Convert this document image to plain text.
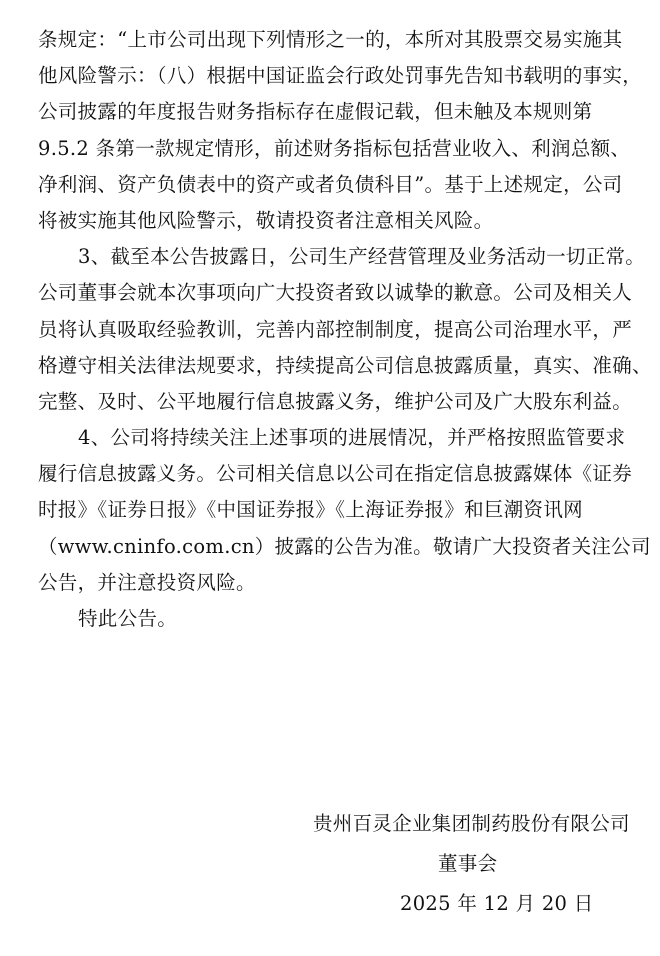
条规定：“上市公司出现下列情形之一的，本所对其股票交易实施其
他风险警示：（八）根据中国证监会行政处罚事先告知书载明的事实，
公司披露的年度报告财务指标存在虚假记载，但未触及本规则第
9.5.2 条第一款规定情形，前述财务指标包括营业收入、利润总额、
净利润、资产负债表中的资产或者负债科目”。基于上述规定，公司
将被实施其他风险警示，敬请投资者注意相关风险。
3、截至本公告披露日，公司生产经营管理及业务活动一切正常。
公司董事会就本次事项向广大投资者致以诚挚的歉意。公司及相关人
员将认真吸取经验教训，完善内部控制制度，提高公司治理水平，严
格遵守相关法律法规要求，持续提高公司信息披露质量，真实、准确、
完整、及时、公平地履行信息披露义务，维护公司及广大股东利益。
4、公司将持续关注上述事项的进展情况，并严格按照监管要求
履行信息披露义务。公司相关信息以公司在指定信息披露媒体《证券
时报》《证券日报》《中国证券报》《上海证券报》和巨潮资讯网
（www.cninfo.com.cn）披露的公告为准。敬请广大投资者关注公司
公告，并注意投资风险。
特此公告。
贵州百灵企业集团制药股份有限公司
董事会
2025 年 12 月 20 日
